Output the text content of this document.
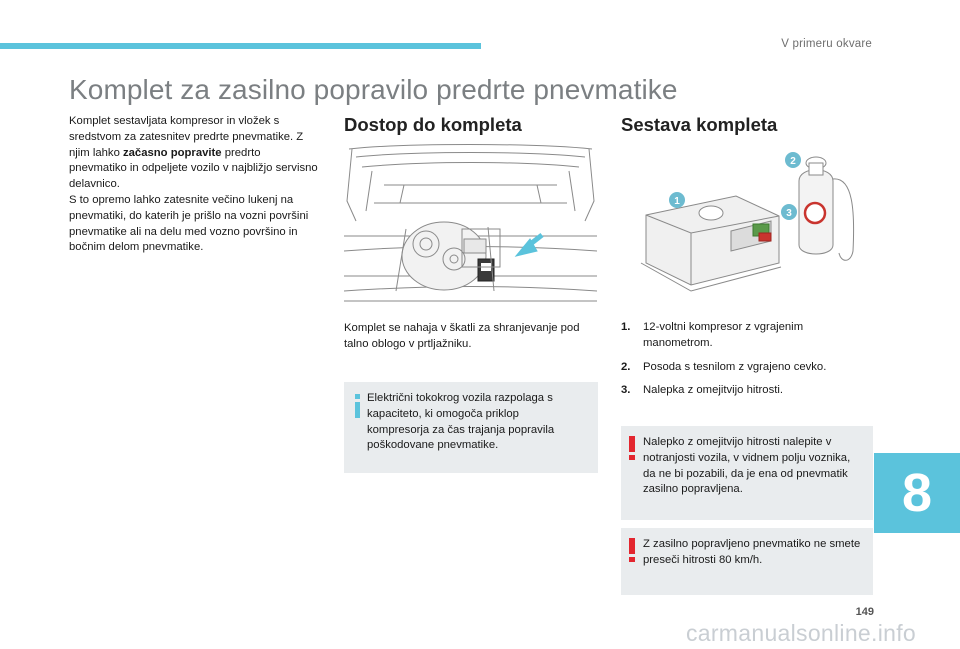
V primeru okvare
Komplet za zasilno popravilo predrte pnevmatike

Komplet sestavljata kompresor in vložek s sredstvom za zatesnitev predrte pnevmatike. Z njim lahko začasno popravite predrto pnevmatiko in odpeljete vozilo v najbližjo servisno delavnico.

S to opremo lahko zatesnite večino lukenj na pnevmatiki, do katerih je prišlo na vozni površini pnevmatike ali na delu med vozno površino in bočnim delom pnevmatike.

Dostop do kompleta	Sestava kompleta
1
2
3
Komplet se nahaja v škatli za shranjevanje pod talno oblogo v prtljažniku.
Električni tokokrog vozila razpolaga s kapaciteto, ki omogoča priklop kompresorja za čas trajanja popravila poškodovane pnevmatike.
1. 12-voltni kompresor z vgrajenim manometrom.
2. Posoda s tesnilom z vgrajeno cevko.
3. Nalepka z omejitvijo hitrosti.
Nalepko z omejitvijo hitrosti nalepite v notranjosti vozila, v vidnem polju voznika, da ne bi pozabili, da je ena od pnevmatik zasilno popravljena.
Z zasilno popravljeno pnevmatiko ne smete preseči hitrosti 80 km/h.
8
149
carmanualsonline.info
